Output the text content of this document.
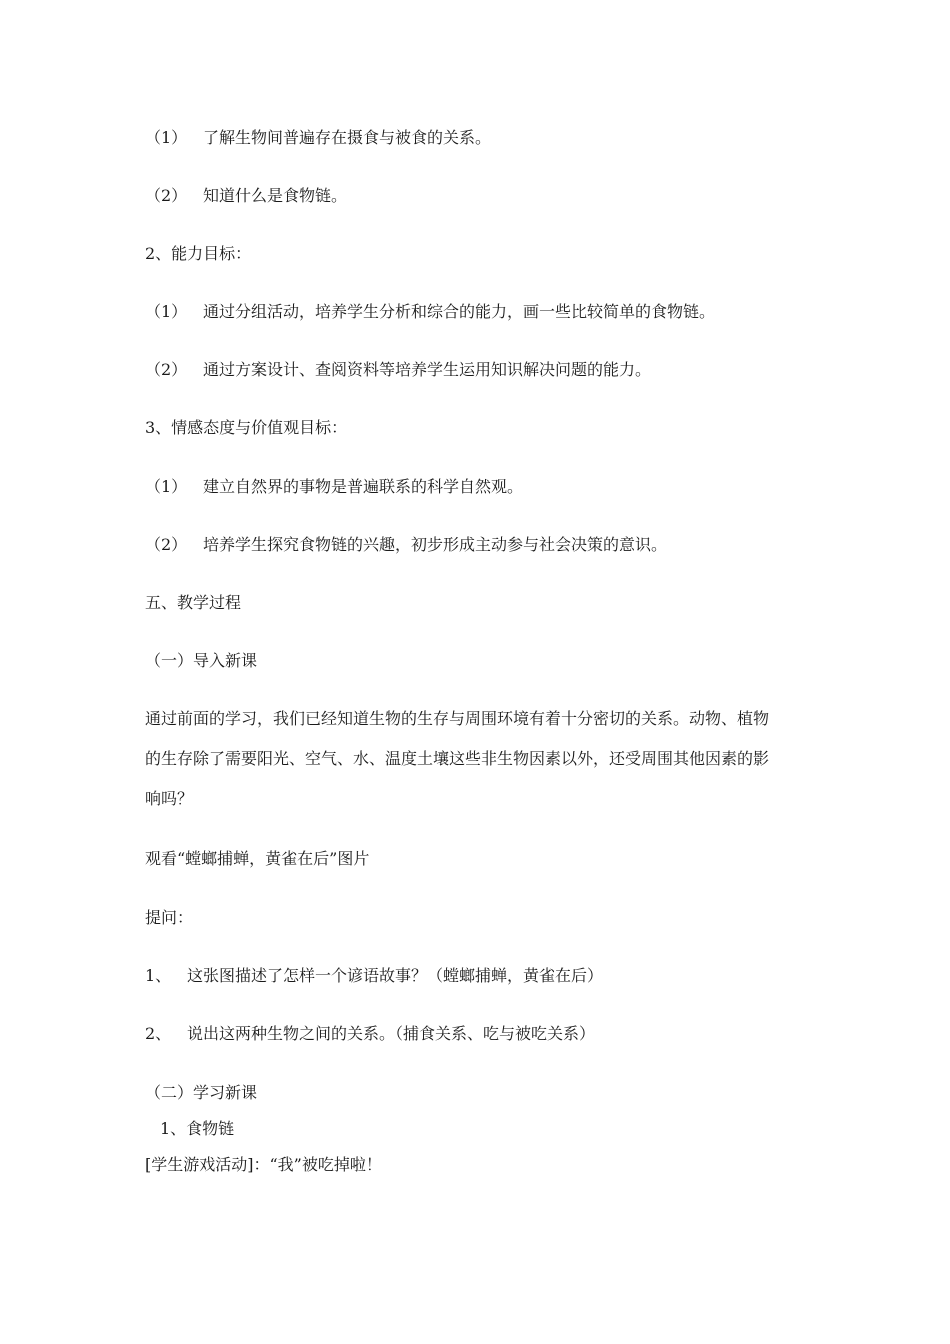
（1） 了解生物间普遍存在摄食与被食的关系。
（2） 知道什么是食物链。
2、能力目标：
（1） 通过分组活动，培养学生分析和综合的能力，画一些比较简单的食物链。
（2） 通过方案设计、查阅资料等培养学生运用知识解决问题的能力。
3、情感态度与价值观目标：
（1） 建立自然界的事物是普遍联系的科学自然观。
（2） 培养学生探究食物链的兴趣，初步形成主动参与社会决策的意识。
五、教学过程
（一）导入新课
通过前面的学习，我们已经知道生物的生存与周围环境有着十分密切的关系。动物、植物
的生存除了需要阳光、空气、水、温度土壤这些非生物因素以外，还受周围其他因素的影
响吗？
观看“螳螂捕蝉，黄雀在后”图片
提问：
1、 这张图描述了怎样一个谚语故事？（螳螂捕蝉，黄雀在后）
2、 说出这两种生物之间的关系。（捕食关系、吃与被吃关系）
（二）学习新课
1、食物链
[学生游戏活动]：“我”被吃掉啦！
